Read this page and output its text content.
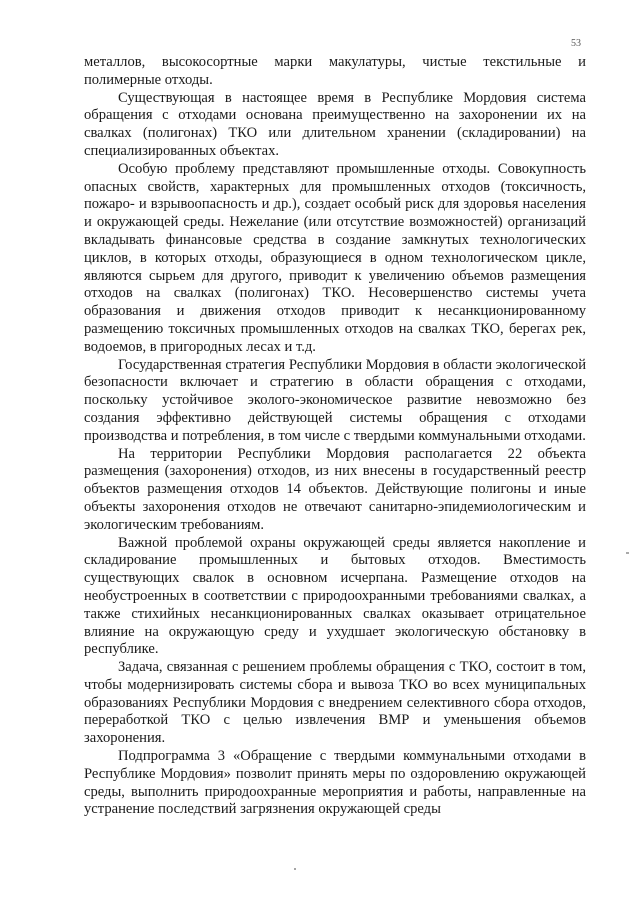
53

металлов, высокосортные марки макулатуры, чистые текстильные и полимерные отходы.

Существующая в настоящее время в Республике Мордовия система обращения с отходами основана преимущественно на захоронении их на свалках (полигонах) ТКО или длительном хранении (складировании) на специализированных объектах.

Особую проблему представляют промышленные отходы. Совокупность опасных свойств, характерных для промышленных отходов (токсичность, пожаро- и взрывоопасность и др.), создает особый риск для здоровья населения и окружающей среды. Нежелание (или отсутствие возможностей) организаций вкладывать финансовые средства в создание замкнутых технологических циклов, в которых отходы, образующиеся в одном технологическом цикле, являются сырьем для другого, приводит к увеличению объемов размещения отходов на свалках (полигонах) ТКО. Несовершенство системы учета образования и движения отходов приводит к несанкционированному размещению токсичных промышленных отходов на свалках ТКО, берегах рек, водоемов, в пригородных лесах и т.д.

Государственная стратегия Республики Мордовия в области экологической безопасности включает и стратегию в области обращения с отходами, поскольку устойчивое эколого-экономическое развитие невозможно без создания эффективно действующей системы обращения с отходами производства и потребления, в том числе с твердыми коммунальными отходами.

На территории Республики Мордовия располагается 22 объекта размещения (захоронения) отходов, из них внесены в государственный реестр объектов размещения отходов 14 объектов. Действующие полигоны и иные объекты захоронения отходов не отвечают санитарно-эпидемиологическим и экологическим требованиям.

Важной проблемой охраны окружающей среды является накопление и складирование промышленных и бытовых отходов. Вместимость существующих свалок в основном исчерпана. Размещение отходов на необустроенных в соответствии с природоохранными требованиями свалках, а также стихийных несанкционированных свалках оказывает отрицательное влияние на окружающую среду и ухудшает экологическую обстановку в республике.

Задача, связанная с решением проблемы обращения с ТКО, состоит в том, чтобы модернизировать системы сбора и вывоза ТКО во всех муниципальных образованиях Республики Мордовия с внедрением селективного сбора отходов, переработкой ТКО с целью извлечения ВМР и уменьшения объемов захоронения.

Подпрограмма 3 «Обращение с твердыми коммунальными отходами в Республике Мордовия» позволит принять меры по оздоровлению окружающей среды, выполнить природоохранные мероприятия и работы, направленные на устранение последствий загрязнения окружающей среды
